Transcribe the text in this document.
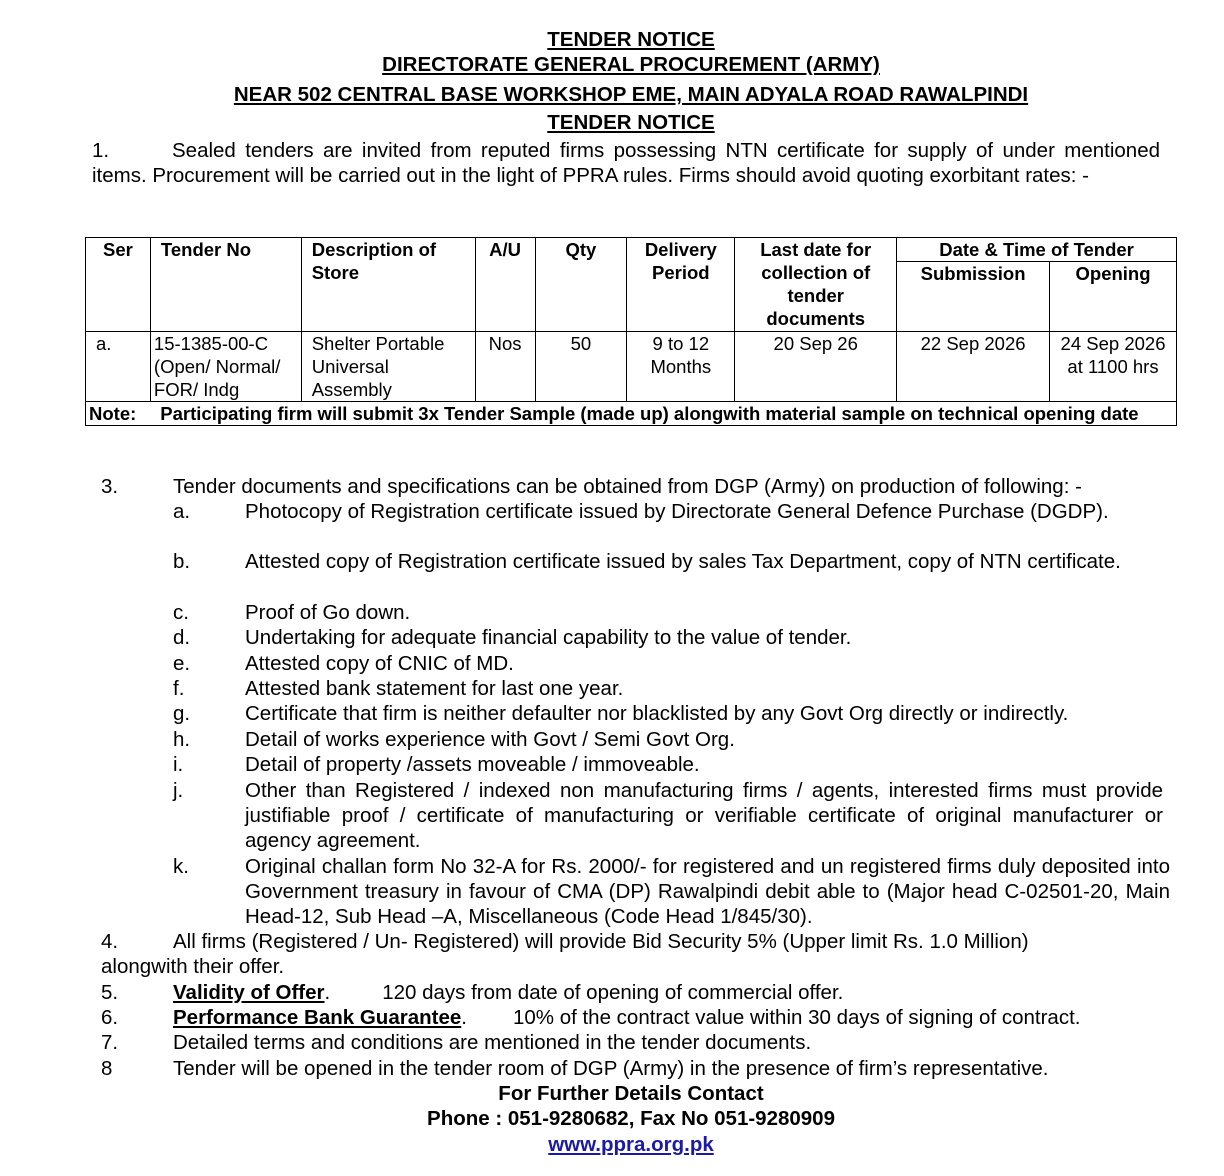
TENDER NOTICE
DIRECTORATE GENERAL PROCUREMENT (ARMY)
NEAR 502 CENTRAL BASE WORKSHOP EME, MAIN ADYALA ROAD RAWALPINDI
TENDER NOTICE
1.	Sealed tenders are invited from reputed firms possessing NTN certificate for supply of under mentioned items. Procurement will be carried out in the light of PPRA rules. Firms should avoid quoting exorbitant rates: -
Ser	Tender No	Description of Store	A/U	Qty	Delivery Period	Last date for collection of tender documents	Date & Time of Tender	
							Submission	Opening
a.	15-1385-00-C (Open/ Normal/ FOR/ Indg	Shelter Portable Universal Assembly	Nos	50	9 to 12 Months	20 Sep 26	22 Sep 2026	24 Sep 2026 at 1100 hrs
Note: Participating firm will submit 3x Tender Sample (made up) alongwith material sample on technical opening date								
3.	Tender documents and specifications can be obtained from DGP (Army) on production of following: -
a.	Photocopy of Registration certificate issued by Directorate General Defence Purchase (DGDP).
b.	Attested copy of Registration certificate issued by sales Tax Department, copy of NTN certificate.
c.	Proof of Go down.
d.	Undertaking for adequate financial capability to the value of tender.
e.	Attested copy of CNIC of MD.
f.	Attested bank statement for last one year.
g.	Certificate that firm is neither defaulter nor blacklisted by any Govt Org directly or indirectly.
h.	Detail of works experience with Govt / Semi Govt Org.
i.	Detail of property /assets moveable / immoveable.
j.	Other than Registered / indexed non manufacturing firms / agents, interested firms must provide justifiable proof / certificate of manufacturing or verifiable certificate of original manufacturer or agency agreement.
k.	Original challan form No 32-A for Rs. 2000/- for registered and un registered firms duly deposited into Government treasury in favour of CMA (DP) Rawalpindi debit able to (Major head C-02501-20, Main Head-12, Sub Head –A, Miscellaneous (Code Head 1/845/30).
4.	All firms (Registered / Un- Registered) will provide Bid Security 5% (Upper limit Rs. 1.0 Million)
alongwith their offer.
5.	Validity of Offer.	120 days from date of opening of commercial offer.
6.	Performance Bank Guarantee. 10% of the contract value within 30 days of signing of contract.
7.	Detailed terms and conditions are mentioned in the tender documents.
8	Tender will be opened in the tender room of DGP (Army) in the presence of firm’s representative.
For Further Details Contact
Phone : 051-9280682, Fax No 051-9280909
www.ppra.org.pk
